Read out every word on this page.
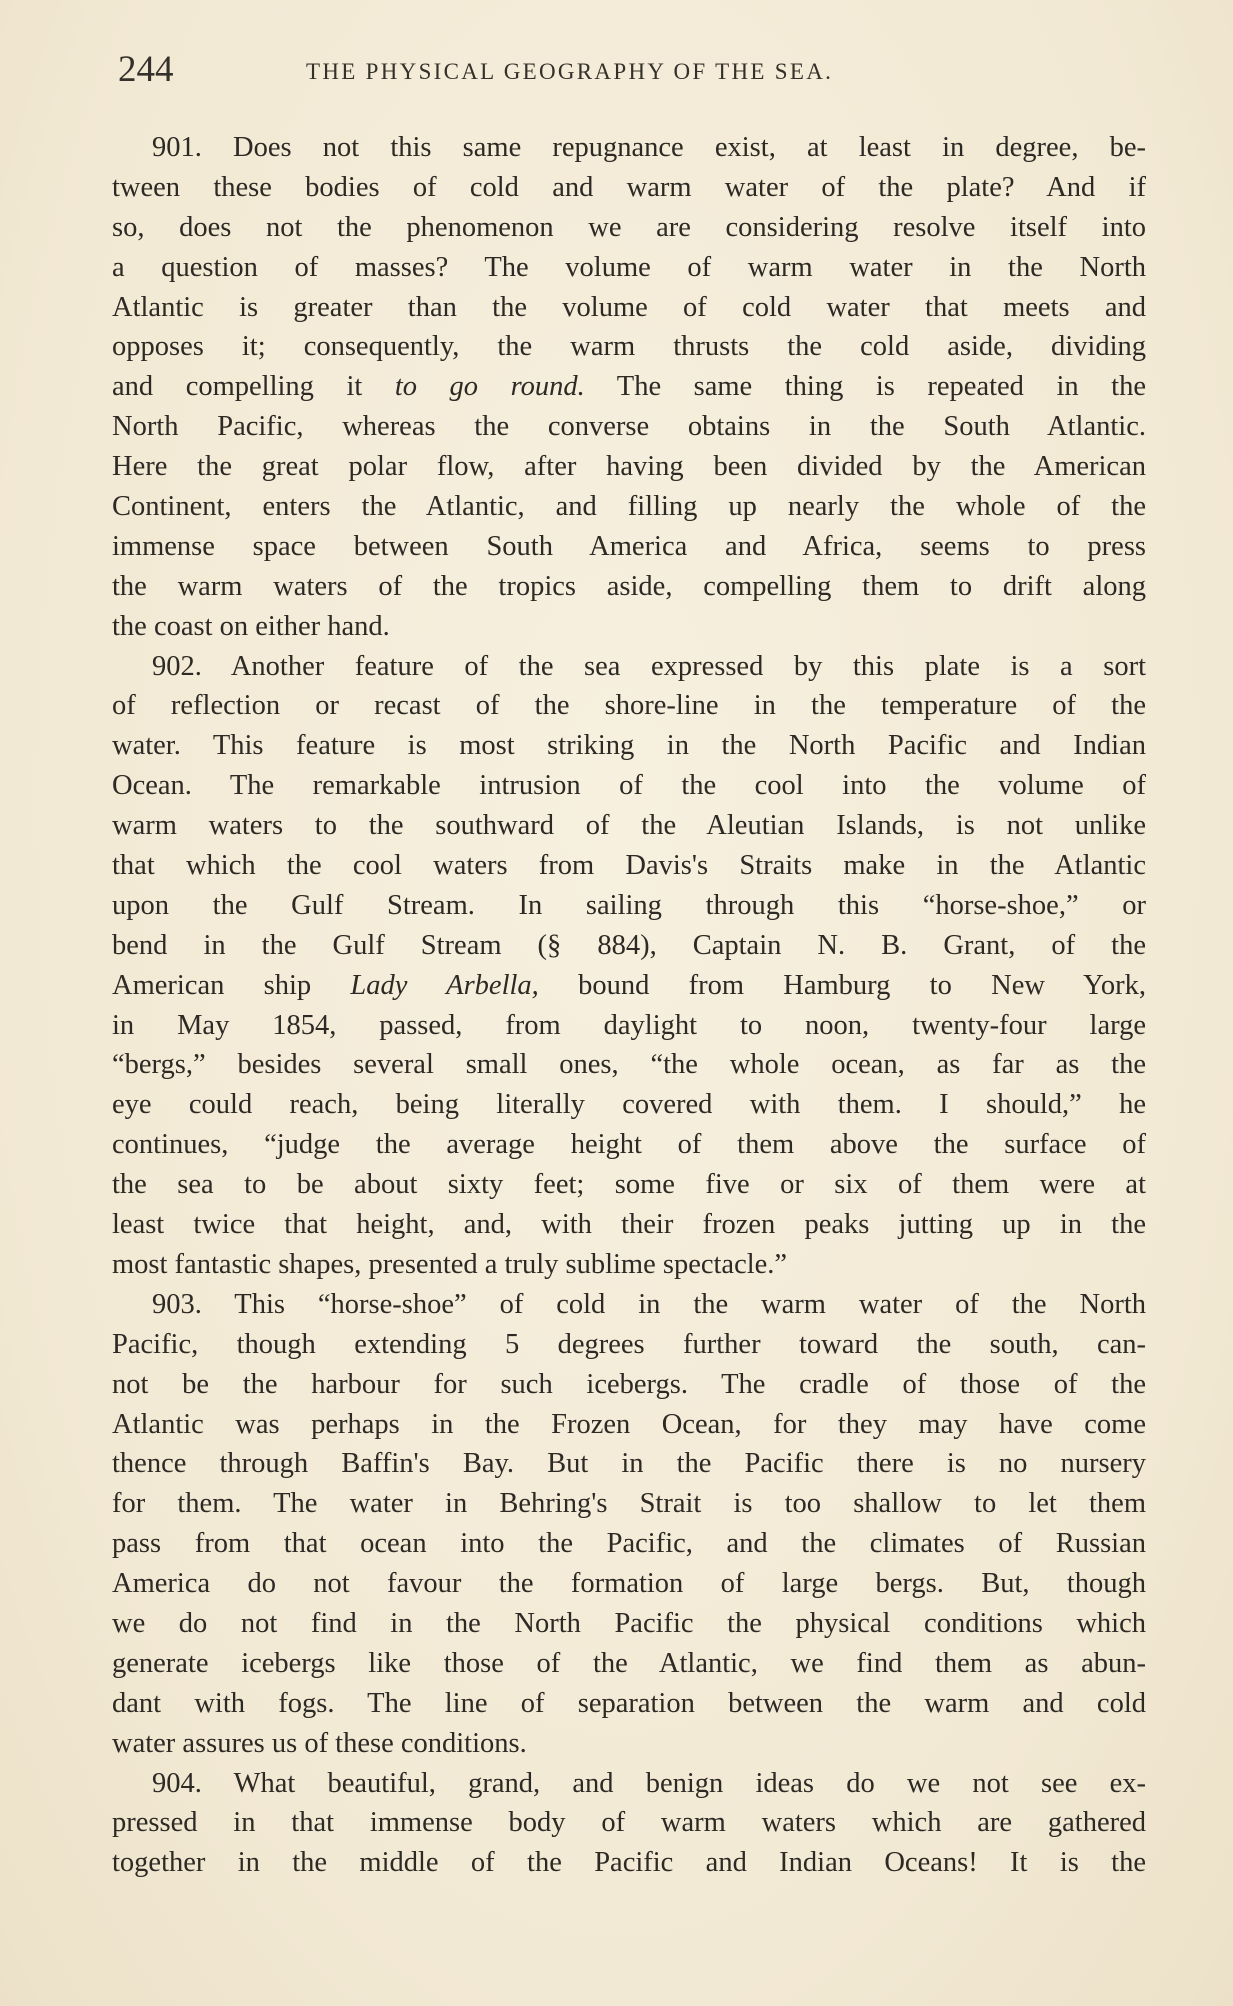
244	THE PHYSICAL GEOGRAPHY OF THE SEA.
901. Does not this same repugnance exist, at least in degree, be-
tween these bodies of cold and warm water of the plate? And if
so, does not the phenomenon we are considering resolve itself into
a question of masses? The volume of warm water in the North
Atlantic is greater than the volume of cold water that meets and
opposes it; consequently, the warm thrusts the cold aside, dividing
and compelling it to go round. The same thing is repeated in the
North Pacific, whereas the converse obtains in the South Atlantic.
Here the great polar flow, after having been divided by the American
Continent, enters the Atlantic, and filling up nearly the whole of the
immense space between South America and Africa, seems to press
the warm waters of the tropics aside, compelling them to drift along
the coast on either hand.
902. Another feature of the sea expressed by this plate is a sort
of reflection or recast of the shore-line in the temperature of the
water. This feature is most striking in the North Pacific and Indian
Ocean. The remarkable intrusion of the cool into the volume of
warm waters to the southward of the Aleutian Islands, is not unlike
that which the cool waters from Davis's Straits make in the Atlantic
upon the Gulf Stream. In sailing through this “horse-shoe,” or
bend in the Gulf Stream (§ 884), Captain N. B. Grant, of the
American ship Lady Arbella, bound from Hamburg to New York,
in May 1854, passed, from daylight to noon, twenty-four large
“bergs,” besides several small ones, “the whole ocean, as far as the
eye could reach, being literally covered with them. I should,” he
continues, “judge the average height of them above the surface of
the sea to be about sixty feet; some five or six of them were at
least twice that height, and, with their frozen peaks jutting up in the
most fantastic shapes, presented a truly sublime spectacle.”
903. This “horse-shoe” of cold in the warm water of the North
Pacific, though extending 5 degrees further toward the south, can-
not be the harbour for such icebergs. The cradle of those of the
Atlantic was perhaps in the Frozen Ocean, for they may have come
thence through Baffin's Bay. But in the Pacific there is no nursery
for them. The water in Behring's Strait is too shallow to let them
pass from that ocean into the Pacific, and the climates of Russian
America do not favour the formation of large bergs. But, though
we do not find in the North Pacific the physical conditions which
generate icebergs like those of the Atlantic, we find them as abun-
dant with fogs. The line of separation between the warm and cold
water assures us of these conditions.
904. What beautiful, grand, and benign ideas do we not see ex-
pressed in that immense body of warm waters which are gathered
together in the middle of the Pacific and Indian Oceans! It is the
